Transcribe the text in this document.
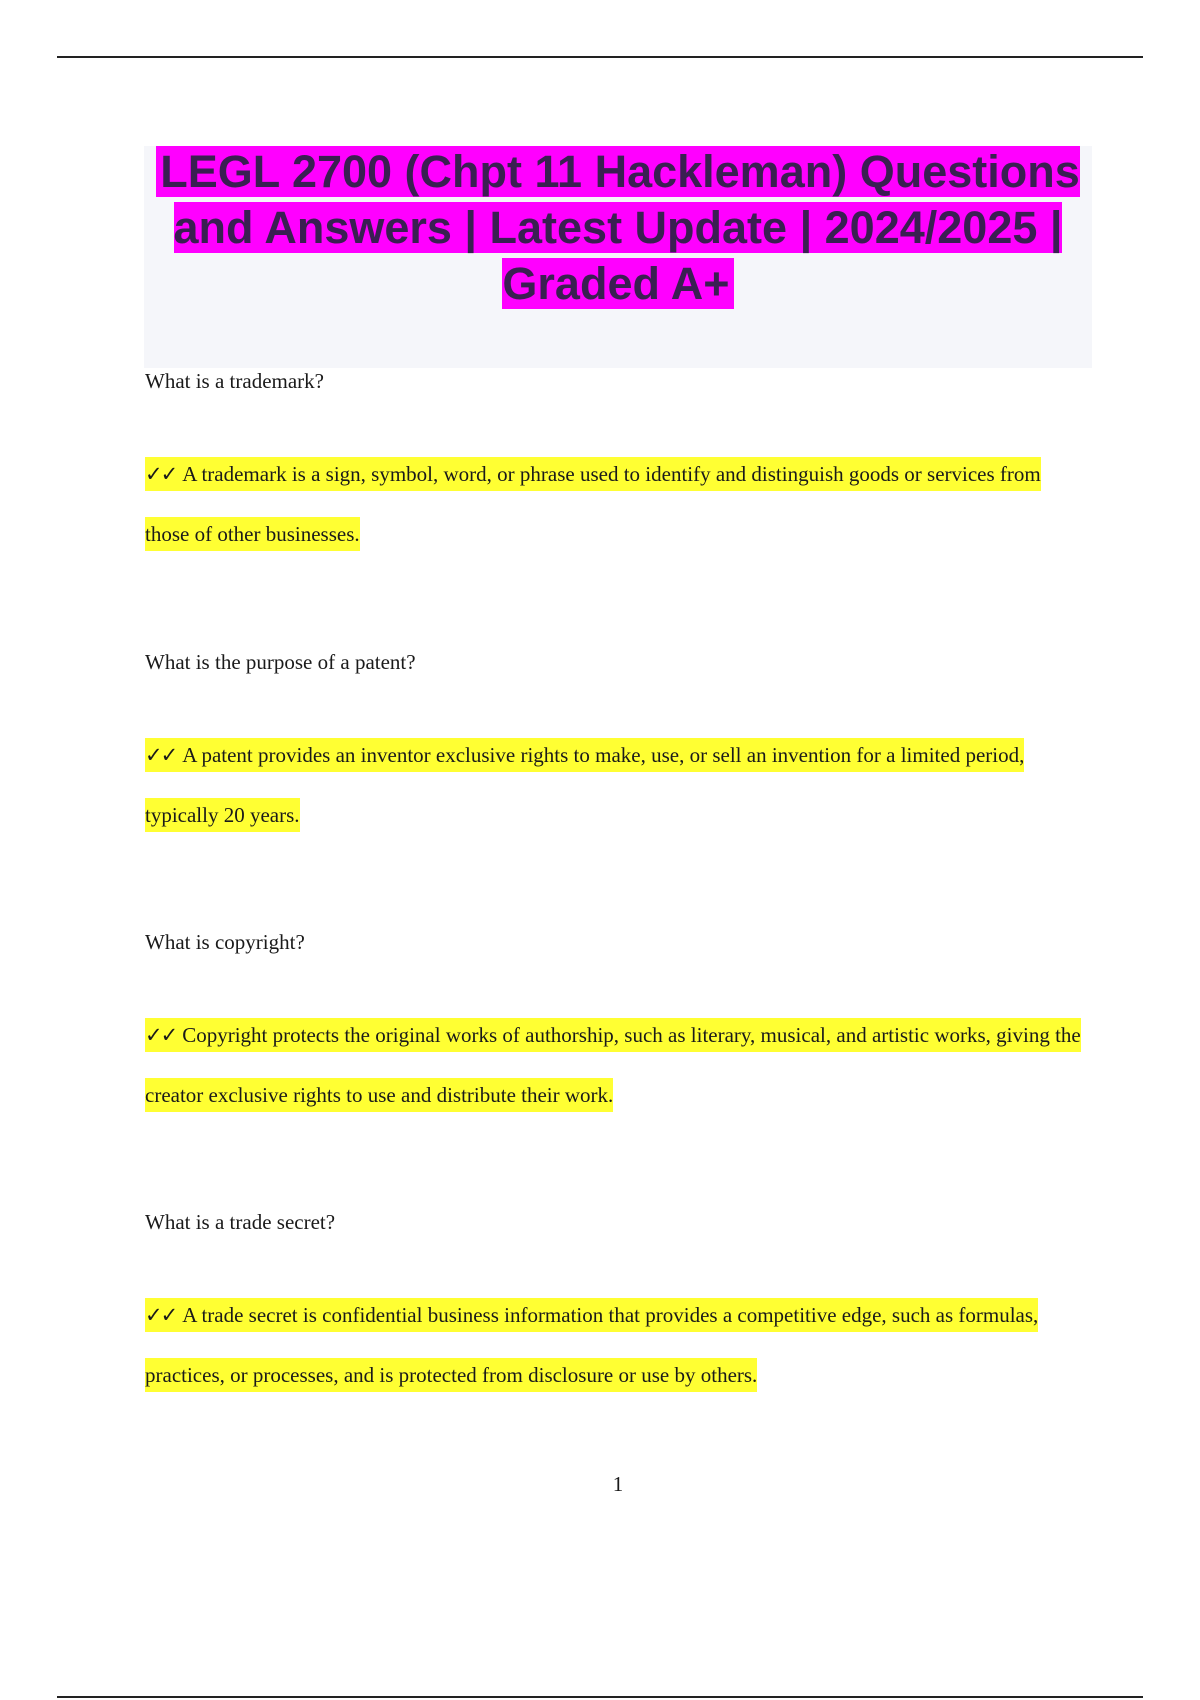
LEGL 2700 (Chpt 11 Hackleman) Questions and Answers | Latest Update | 2024/2025 | Graded A+

What is a trademark?

✓✓ A trademark is a sign, symbol, word, or phrase used to identify and distinguish goods or services from those of other businesses.

What is the purpose of a patent?

✓✓ A patent provides an inventor exclusive rights to make, use, or sell an invention for a limited period, typically 20 years.

What is copyright?

✓✓ Copyright protects the original works of authorship, such as literary, musical, and artistic works, giving the creator exclusive rights to use and distribute their work.

What is a trade secret?

✓✓ A trade secret is confidential business information that provides a competitive edge, such as formulas, practices, or processes, and is protected from disclosure or use by others.

1
